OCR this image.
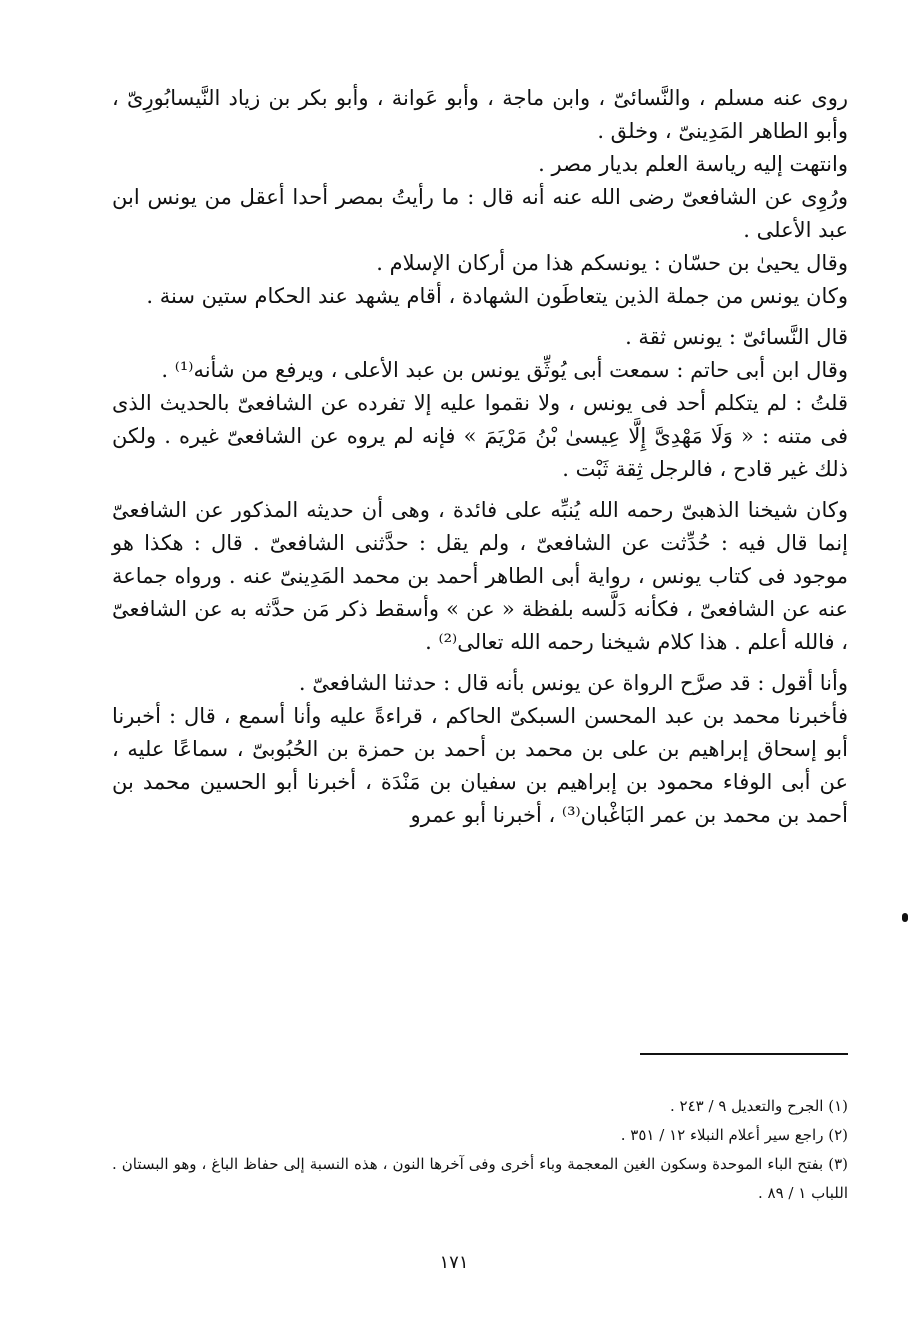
روى عنه مسلم ، والنَّسائىّ ، وابن ماجة ، وأبو عَوانة ، وأبو بكر بن زياد النَّيسابُورِىّ ، وأبو الطاهر المَدِينىّ ، وخلق .

وانتهت إليه رياسة العلم بديار مصر .

ورُوِى عن الشافعىّ رضى الله عنه أنه قال : ما رأيتُ بمصر أحدا أعقل من يونس ابن عبد الأعلى .

وقال يحيىٰ بن حسّان : يونسكم هذا من أركان الإسلام .

وكان يونس من جملة الذين يتعاطَون الشهادة ، أقام يشهد عند الحكام ستين سنة .

قال النَّسائىّ : يونس ثقة .

وقال ابن أبى حاتم : سمعت أبى يُوثِّق يونس بن عبد الأعلى ، ويرفع من شأنه⁽¹⁾ .

قلتُ : لم يتكلم أحد فى يونس ، ولا نقموا عليه إلا تفرده عن الشافعىّ بالحديث الذى فى متنه : « وَلَا مَهْدِىَّ إِلَّا عِيسىٰ بْنُ مَرْيَمَ » فإنه لم يروه عن الشافعىّ غيره . ولكن ذلك غير قادح ، فالرجل ثِقة ثَبْت .

وكان شيخنا الذهبىّ رحمه الله يُنبِّه على فائدة ، وهى أن حديثه المذكور عن الشافعىّ إنما قال فيه : حُدِّثت عن الشافعىّ ، ولم يقل : حدَّثنى الشافعىّ . قال : هكذا هو موجود فى كتاب يونس ، رواية أبى الطاهر أحمد بن محمد المَدِينىّ عنه . ورواه جماعة عنه عن الشافعىّ ، فكأنه دَلَّسه بلفظة « عن » وأسقط ذكر مَن حدَّثه به عن الشافعىّ ، فالله أعلم . هذا كلام شيخنا رحمه الله تعالى⁽²⁾ .

وأنا أقول : قد صرَّح الرواة عن يونس بأنه قال : حدثنا الشافعىّ .

فأخبرنا محمد بن عبد المحسن السبكىّ الحاكم ، قراءةً عليه وأنا أسمع ، قال : أخبرنا أبو إسحاق إبراهيم بن على بن محمد بن أحمد بن حمزة بن الحُبُوبىّ ، سماعًا عليه ، عن أبى الوفاء محمود بن إبراهيم بن سفيان بن مَنْدَة ، أخبرنا أبو الحسين محمد بن أحمد بن محمد بن عمر البَاغْبان⁽³⁾ ، أخبرنا أبو عمرو

(١) الجرح والتعديل ٩ / ٢٤٣ .

(٢) راجع سير أعلام النبلاء ١٢ / ٣٥١ .

(٣) بفتح الباء الموحدة وسكون الغين المعجمة وباء أخرى وفى آخرها النون ، هذه النسبة إلى حفاظ الباغ ، وهو البستان . اللباب ١ / ٨٩ .

١٧١
